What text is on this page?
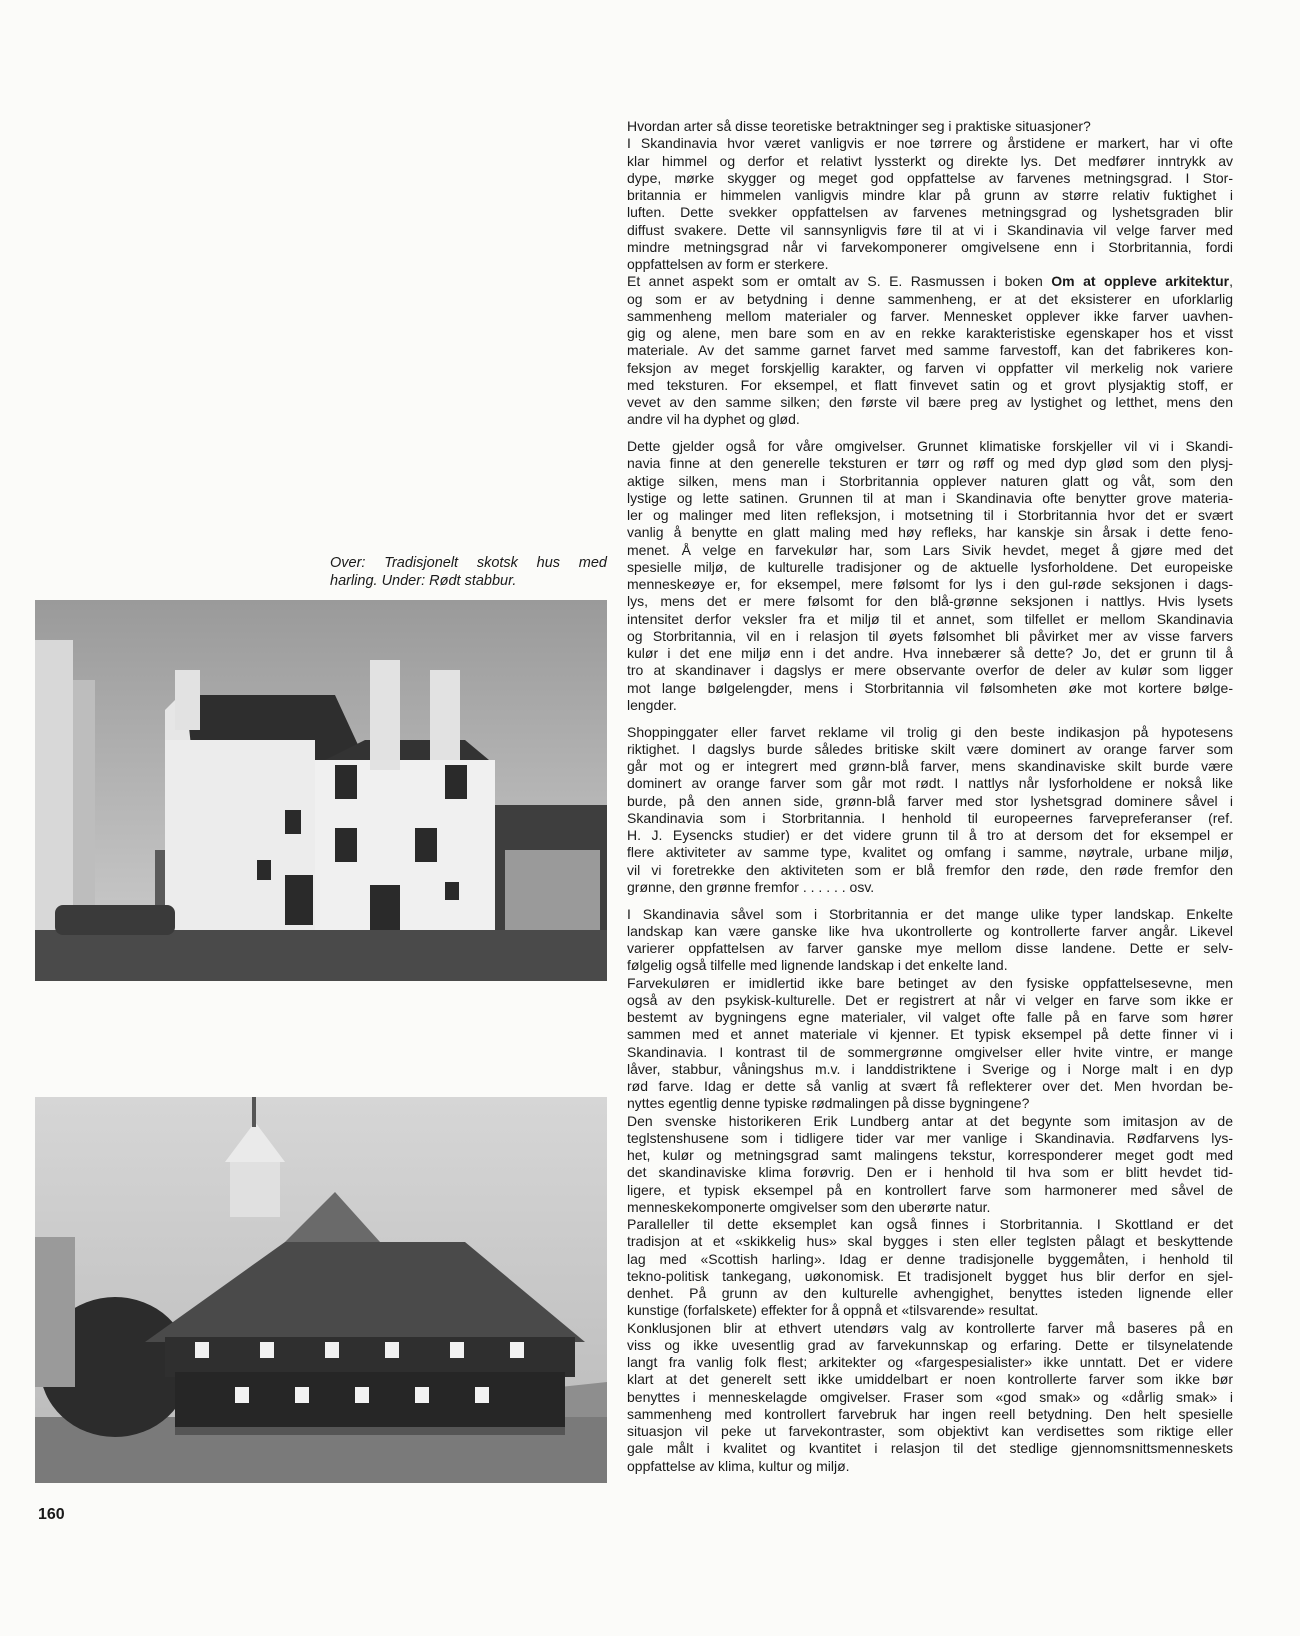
Over: Tradisjonelt skotsk hus med
harling. Under: Rødt stabbur.
Hvordan arter så disse teoretiske betraktninger seg i praktiske situasjoner?
I Skandinavia hvor været vanligvis er noe tørrere og årstidene er markert, har vi ofte
klar himmel og derfor et relativt lyssterkt og direkte lys. Det medfører inntrykk av
dype, mørke skygger og meget god oppfattelse av farvenes metningsgrad. I Stor-
britannia er himmelen vanligvis mindre klar på grunn av større relativ fuktighet i
luften. Dette svekker oppfattelsen av farvenes metningsgrad og lyshetsgraden blir
diffust svakere. Dette vil sannsynligvis føre til at vi i Skandinavia vil velge farver med
mindre metningsgrad når vi farvekomponerer omgivelsene enn i Storbritannia, fordi
oppfattelsen av form er sterkere.
Et annet aspekt som er omtalt av S. E. Rasmussen i boken Om at oppleve arkitektur,
og som er av betydning i denne sammenheng, er at det eksisterer en uforklarlig
sammenheng mellom materialer og farver. Mennesket opplever ikke farver uavhen-
gig og alene, men bare som en av en rekke karakteristiske egenskaper hos et visst
materiale. Av det samme garnet farvet med samme farvestoff, kan det fabrikeres kon-
feksjon av meget forskjellig karakter, og farven vi oppfatter vil merkelig nok variere
med teksturen. For eksempel, et flatt finvevet satin og et grovt plysjaktig stoff, er
vevet av den samme silken; den første vil bære preg av lystighet og letthet, mens den
andre vil ha dyphet og glød.
Dette gjelder også for våre omgivelser. Grunnet klimatiske forskjeller vil vi i Skandi-
navia finne at den generelle teksturen er tørr og røff og med dyp glød som den plysj-
aktige silken, mens man i Storbritannia opplever naturen glatt og våt, som den
lystige og lette satinen. Grunnen til at man i Skandinavia ofte benytter grove materia-
ler og malinger med liten refleksjon, i motsetning til i Storbritannia hvor det er svært
vanlig å benytte en glatt maling med høy refleks, har kanskje sin årsak i dette feno-
menet. Å velge en farvekulør har, som Lars Sivik hevdet, meget å gjøre med det
spesielle miljø, de kulturelle tradisjoner og de aktuelle lysforholdene. Det europeiske
menneskeøye er, for eksempel, mere følsomt for lys i den gul-røde seksjonen i dags-
lys, mens det er mere følsomt for den blå-grønne seksjonen i nattlys. Hvis lysets
intensitet derfor veksler fra et miljø til et annet, som tilfellet er mellom Skandinavia
og Storbritannia, vil en i relasjon til øyets følsomhet bli påvirket mer av visse farvers
kulør i det ene miljø enn i det andre. Hva innebærer så dette? Jo, det er grunn til å
tro at skandinaver i dagslys er mere observante overfor de deler av kulør som ligger
mot lange bølgelengder, mens i Storbritannia vil følsomheten øke mot kortere bølge-
lengder.
Shoppinggater eller farvet reklame vil trolig gi den beste indikasjon på hypotesens
riktighet. I dagslys burde således britiske skilt være dominert av orange farver som
går mot og er integrert med grønn-blå farver, mens skandinaviske skilt burde være
dominert av orange farver som går mot rødt. I nattlys når lysforholdene er nokså like
burde, på den annen side, grønn-blå farver med stor lyshetsgrad dominere såvel i
Skandinavia som i Storbritannia. I henhold til europeernes farvepreferanser (ref.
H. J. Eysencks studier) er det videre grunn til å tro at dersom det for eksempel er
flere aktiviteter av samme type, kvalitet og omfang i samme, nøytrale, urbane miljø,
vil vi foretrekke den aktiviteten som er blå fremfor den røde, den røde fremfor den
grønne, den grønne fremfor . . . . . . osv.
I Skandinavia såvel som i Storbritannia er det mange ulike typer landskap. Enkelte
landskap kan være ganske like hva ukontrollerte og kontrollerte farver angår. Likevel
varierer oppfattelsen av farver ganske mye mellom disse landene. Dette er selv-
følgelig også tilfelle med lignende landskap i det enkelte land.
Farvekuløren er imidlertid ikke bare betinget av den fysiske oppfattelsesevne, men
også av den psykisk-kulturelle. Det er registrert at når vi velger en farve som ikke er
bestemt av bygningens egne materialer, vil valget ofte falle på en farve som hører
sammen med et annet materiale vi kjenner. Et typisk eksempel på dette finner vi i
Skandinavia. I kontrast til de sommergrønne omgivelser eller hvite vintre, er mange
låver, stabbur, våningshus m.v. i landdistriktene i Sverige og i Norge malt i en dyp
rød farve. Idag er dette så vanlig at svært få reflekterer over det. Men hvordan be-
nyttes egentlig denne typiske rødmalingen på disse bygningene?
Den svenske historikeren Erik Lundberg antar at det begynte som imitasjon av de
teglstenshusene som i tidligere tider var mer vanlige i Skandinavia. Rødfarvens lys-
het, kulør og metningsgrad samt malingens tekstur, korresponderer meget godt med
det skandinaviske klima forøvrig. Den er i henhold til hva som er blitt hevdet tid-
ligere, et typisk eksempel på en kontrollert farve som harmonerer med såvel de
menneskekomponerte omgivelser som den uberørte natur.
Paralleller til dette eksemplet kan også finnes i Storbritannia. I Skottland er det
tradisjon at et «skikkelig hus» skal bygges i sten eller teglsten pålagt et beskyttende
lag med «Scottish harling». Idag er denne tradisjonelle byggemåten, i henhold til
tekno-politisk tankegang, uøkonomisk. Et tradisjonelt bygget hus blir derfor en sjel-
denhet. På grunn av den kulturelle avhengighet, benyttes isteden lignende eller
kunstige (forfalskete) effekter for å oppnå et «tilsvarende» resultat.
Konklusjonen blir at ethvert utendørs valg av kontrollerte farver må baseres på en
viss og ikke uvesentlig grad av farvekunnskap og erfaring. Dette er tilsynelatende
langt fra vanlig folk flest; arkitekter og «fargespesialister» ikke unntatt. Det er videre
klart at det generelt sett ikke umiddelbart er noen kontrollerte farver som ikke bør
benyttes i menneskelagde omgivelser. Fraser som «god smak» og «dårlig smak» i
sammenheng med kontrollert farvebruk har ingen reell betydning. Den helt spesielle
situasjon vil peke ut farvekontraster, som objektivt kan verdisettes som riktige eller
gale målt i kvalitet og kvantitet i relasjon til det stedlige gjennomsnittsmenneskets
oppfattelse av klima, kultur og miljø.
160
